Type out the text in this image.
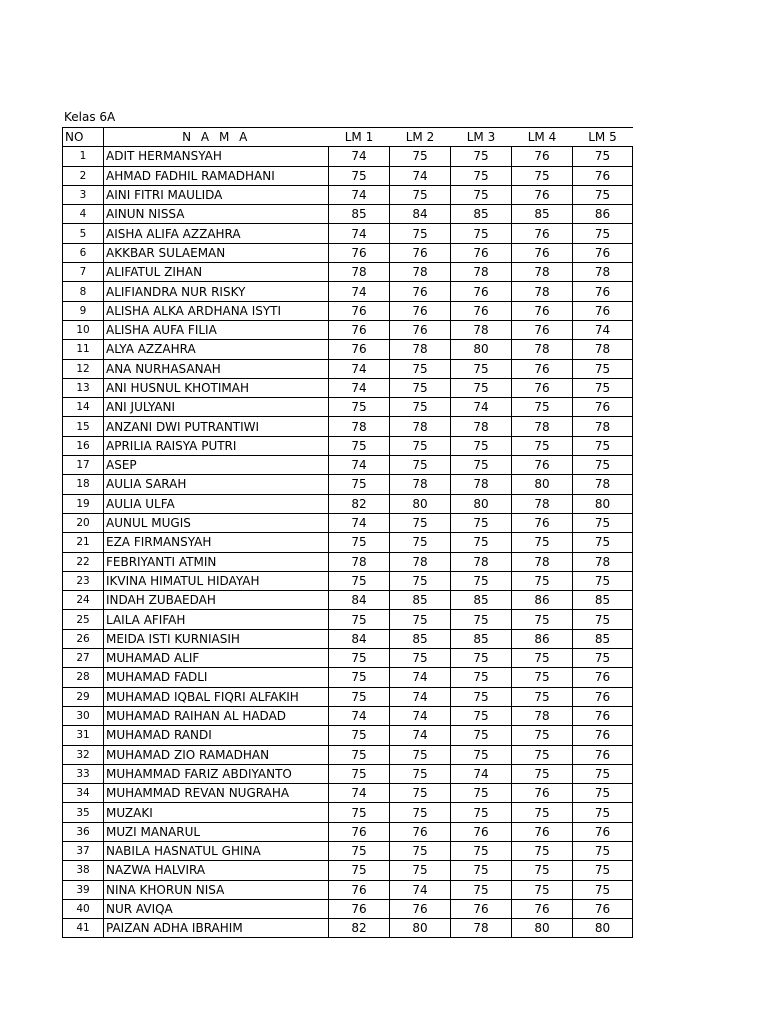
Kelas 6A
NO	N A M A	LM 1	LM 2	LM 3	LM 4	LM 5
1	ADIT HERMANSYAH	74	75	75	76	75
2	AHMAD FADHIL RAMADHANI	75	74	75	75	76
3	AINI FITRI MAULIDA	74	75	75	76	75
4	AINUN NISSA	85	84	85	85	86
5	AISHA ALIFA AZZAHRA	74	75	75	76	75
6	AKKBAR SULAEMAN	76	76	76	76	76
7	ALIFATUL ZIHAN	78	78	78	78	78
8	ALIFIANDRA NUR RISKY	74	76	76	78	76
9	ALISHA ALKA ARDHANA ISYTI	76	76	76	76	76
10	ALISHA AUFA FILIA	76	76	78	76	74
11	ALYA AZZAHRA	76	78	80	78	78
12	ANA NURHASANAH	74	75	75	76	75
13	ANI HUSNUL KHOTIMAH	74	75	75	76	75
14	ANI JULYANI	75	75	74	75	76
15	ANZANI DWI PUTRANTIWI	78	78	78	78	78
16	APRILIA RAISYA PUTRI	75	75	75	75	75
17	ASEP	74	75	75	76	75
18	AULIA SARAH	75	78	78	80	78
19	AULIA ULFA	82	80	80	78	80
20	AUNUL MUGIS	74	75	75	76	75
21	EZA FIRMANSYAH	75	75	75	75	75
22	FEBRIYANTI ATMIN	78	78	78	78	78
23	IKVINA HIMATUL HIDAYAH	75	75	75	75	75
24	INDAH ZUBAEDAH	84	85	85	86	85
25	LAILA AFIFAH	75	75	75	75	75
26	MEIDA ISTI KURNIASIH	84	85	85	86	85
27	MUHAMAD ALIF	75	75	75	75	75
28	MUHAMAD FADLI	75	74	75	75	76
29	MUHAMAD IQBAL FIQRI ALFAKIH	75	74	75	75	76
30	MUHAMAD RAIHAN AL HADAD	74	74	75	78	76
31	MUHAMAD RANDI	75	74	75	75	76
32	MUHAMAD ZIO RAMADHAN	75	75	75	75	76
33	MUHAMMAD FARIZ ABDIYANTO	75	75	74	75	75
34	MUHAMMAD REVAN NUGRAHA	74	75	75	76	75
35	MUZAKI	75	75	75	75	75
36	MUZI MANARUL	76	76	76	76	76
37	NABILA HASNATUL GHINA	75	75	75	75	75
38	NAZWA HALVIRA	75	75	75	75	75
39	NINA KHORUN NISA	76	74	75	75	75
40	NUR AVIQA	76	76	76	76	76
41	PAIZAN ADHA IBRAHIM	82	80	78	80	80
